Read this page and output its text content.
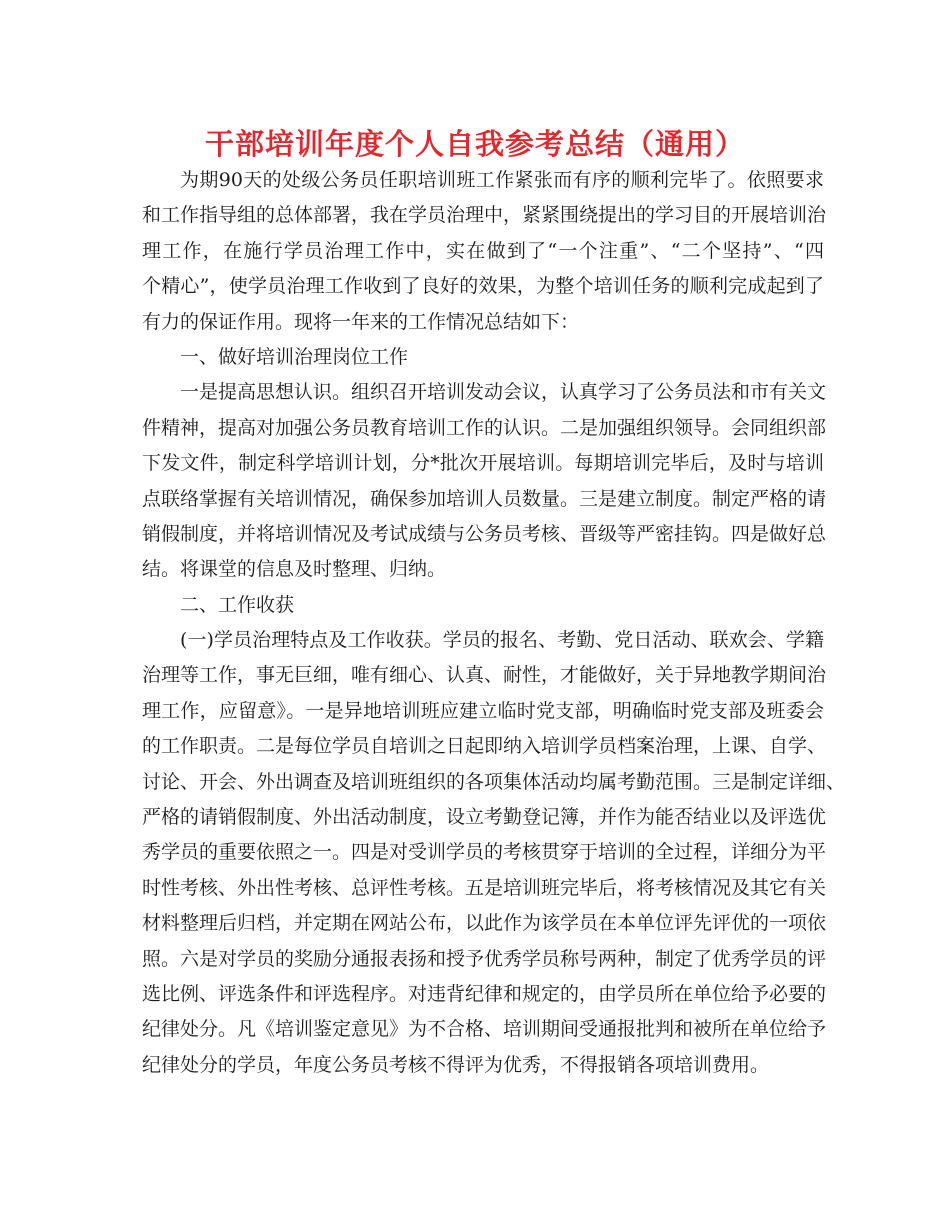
干部培训年度个人自我参考总结（通用）
为期90天的处级公务员任职培训班工作紧张而有序的顺利完毕了。依照要求
和工作指导组的总体部署，我在学员治理中，紧紧围绕提出的学习目的开展培训治
理工作，在施行学员治理工作中，实在做到了“一个注重”、“二个坚持”、“四
个精心”，使学员治理工作收到了良好的效果，为整个培训任务的顺利完成起到了
有力的保证作用。现将一年来的工作情况总结如下：
一、做好培训治理岗位工作
一是提高思想认识。组织召开培训发动会议，认真学习了公务员法和市有关文
件精神，提高对加强公务员教育培训工作的认识。二是加强组织领导。会同组织部
下发文件，制定科学培训计划，分*批次开展培训。每期培训完毕后，及时与培训
点联络掌握有关培训情况，确保参加培训人员数量。三是建立制度。制定严格的请
销假制度，并将培训情况及考试成绩与公务员考核、晋级等严密挂钩。四是做好总
结。将课堂的信息及时整理、归纳。
二、工作收获
(一)学员治理特点及工作收获。学员的报名、考勤、党日活动、联欢会、学籍
治理等工作，事无巨细，唯有细心、认真、耐性，才能做好，关于异地教学期间治
理工作，应留意》。一是异地培训班应建立临时党支部，明确临时党支部及班委会
的工作职责。二是每位学员自培训之日起即纳入培训学员档案治理，上课、自学、
讨论、开会、外出调查及培训班组织的各项集体活动均属考勤范围。三是制定详细、
严格的请销假制度、外出活动制度，设立考勤登记簿，并作为能否结业以及评选优
秀学员的重要依照之一。四是对受训学员的考核贯穿于培训的全过程，详细分为平
时性考核、外出性考核、总评性考核。五是培训班完毕后，将考核情况及其它有关
材料整理后归档，并定期在网站公布，以此作为该学员在本单位评先评优的一项依
照。六是对学员的奖励分通报表扬和授予优秀学员称号两种，制定了优秀学员的评
选比例、评选条件和评选程序。对违背纪律和规定的，由学员所在单位给予必要的
纪律处分。凡《培训鉴定意见》为不合格、培训期间受通报批判和被所在单位给予
纪律处分的学员，年度公务员考核不得评为优秀，不得报销各项培训费用。
